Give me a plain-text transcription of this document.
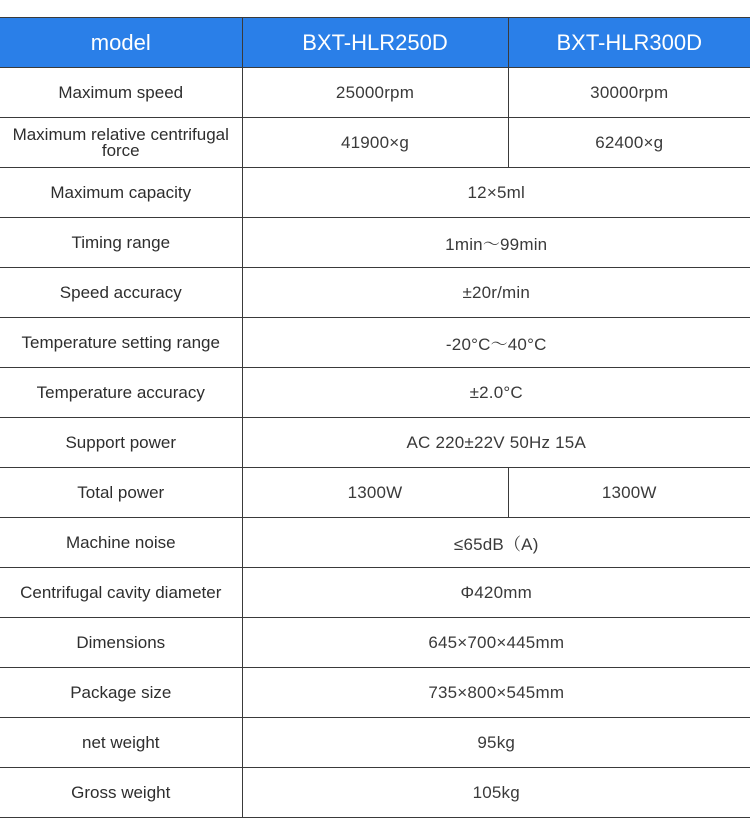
model	BXT-HLR250D	BXT-HLR300D
Maximum speed	25000rpm	30000rpm
Maximum relative centrifugal force	41900×g	62400×g
Maximum capacity	12×5ml	
Timing range	1min～99min	
Speed accuracy	±20r/min	
Temperature setting range	-20°C～40°C	
Temperature accuracy	±2.0°C	
Support power	AC 220±22V 50Hz 15A	
Total power	1300W	1300W
Machine noise	≤65dB（A)	
Centrifugal cavity diameter	Φ420mm	
Dimensions	645×700×445mm	
Package size	735×800×545mm	
net weight	95kg	
Gross weight	105kg	
